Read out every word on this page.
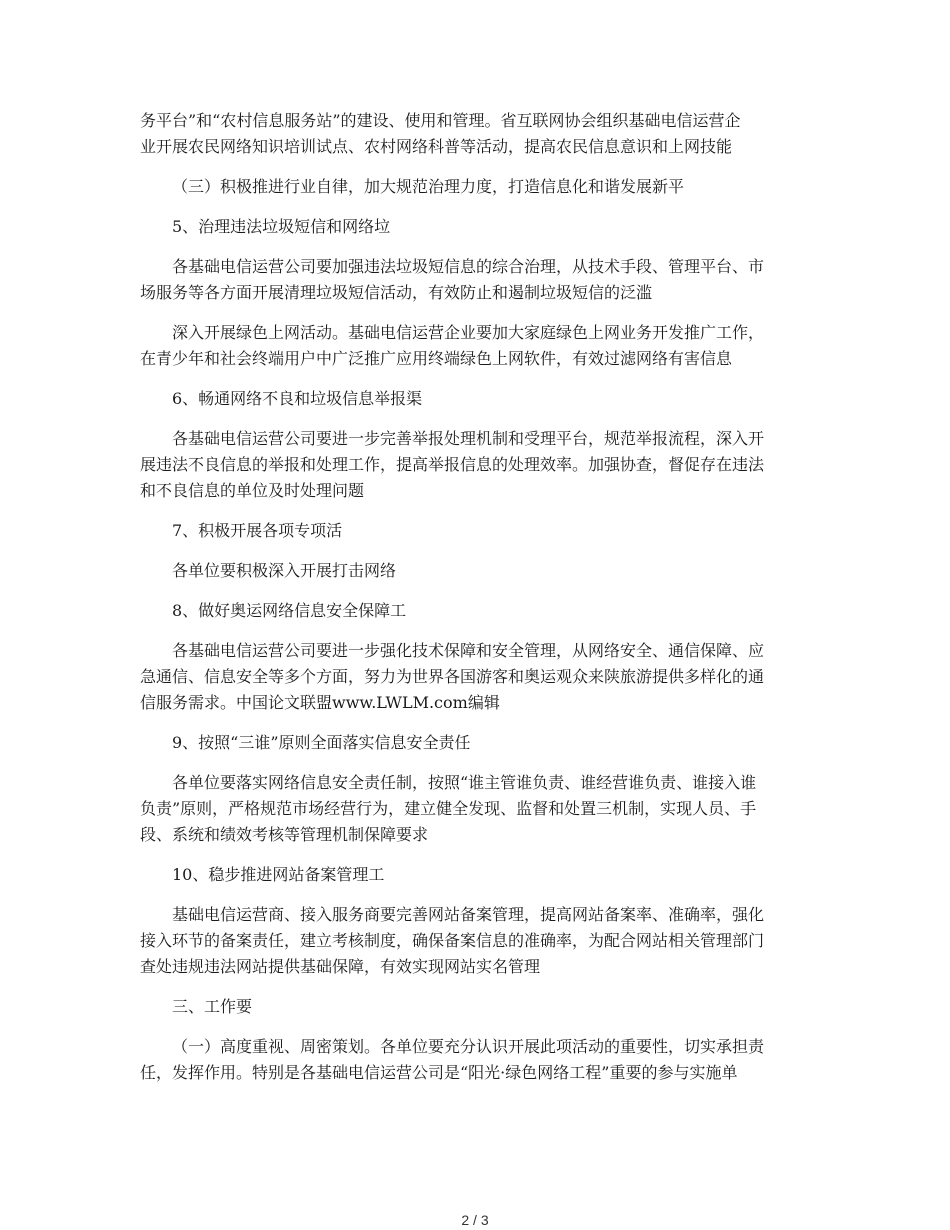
务平台”和“农村信息服务站”的建设、使用和管理。省互联网协会组织基础电信运营企
业开展农民网络知识培训试点、农村网络科普等活动，提高农民信息意识和上网技能

（三）积极推进行业自律，加大规范治理力度，打造信息化和谐发展新平

5、治理违法垃圾短信和网络垃

各基础电信运营公司要加强违法垃圾短信息的综合治理，从技术手段、管理平台、市
场服务等各方面开展清理垃圾短信活动，有效防止和遏制垃圾短信的泛滥
深入开展绿色上网活动。基础电信运营企业要加大家庭绿色上网业务开发推广工作，
在青少年和社会终端用户中广泛推广应用终端绿色上网软件，有效过滤网络有害信息

6、畅通网络不良和垃圾信息举报渠

各基础电信运营公司要进一步完善举报处理机制和受理平台，规范举报流程，深入开
展违法不良信息的举报和处理工作，提高举报信息的处理效率。加强协查，督促存在违法
和不良信息的单位及时处理问题

7、积极开展各项专项活

各单位要积极深入开展打击网络

8、做好奥运网络信息安全保障工

各基础电信运营公司要进一步强化技术保障和安全管理，从网络安全、通信保障、应
急通信、信息安全等多个方面，努力为世界各国游客和奥运观众来陕旅游提供多样化的通
信服务需求。中国论文联盟www.LWLM.com编辑

9、按照“三谁”原则全面落实信息安全责任

各单位要落实网络信息安全责任制，按照“谁主管谁负责、谁经营谁负责、谁接入谁
负责”原则，严格规范市场经营行为，建立健全发现、监督和处置三机制，实现人员、手
段、系统和绩效考核等管理机制保障要求

10、稳步推进网站备案管理工

基础电信运营商、接入服务商要完善网站备案管理，提高网站备案率、准确率，强化
接入环节的备案责任，建立考核制度，确保备案信息的准确率，为配合网站相关管理部门
查处违规违法网站提供基础保障，有效实现网站实名管理

三、工作要

（一）高度重视、周密策划。各单位要充分认识开展此项活动的重要性，切实承担责
任，发挥作用。特别是各基础电信运营公司是“阳光·绿色网络工程”重要的参与实施单
2 / 3
